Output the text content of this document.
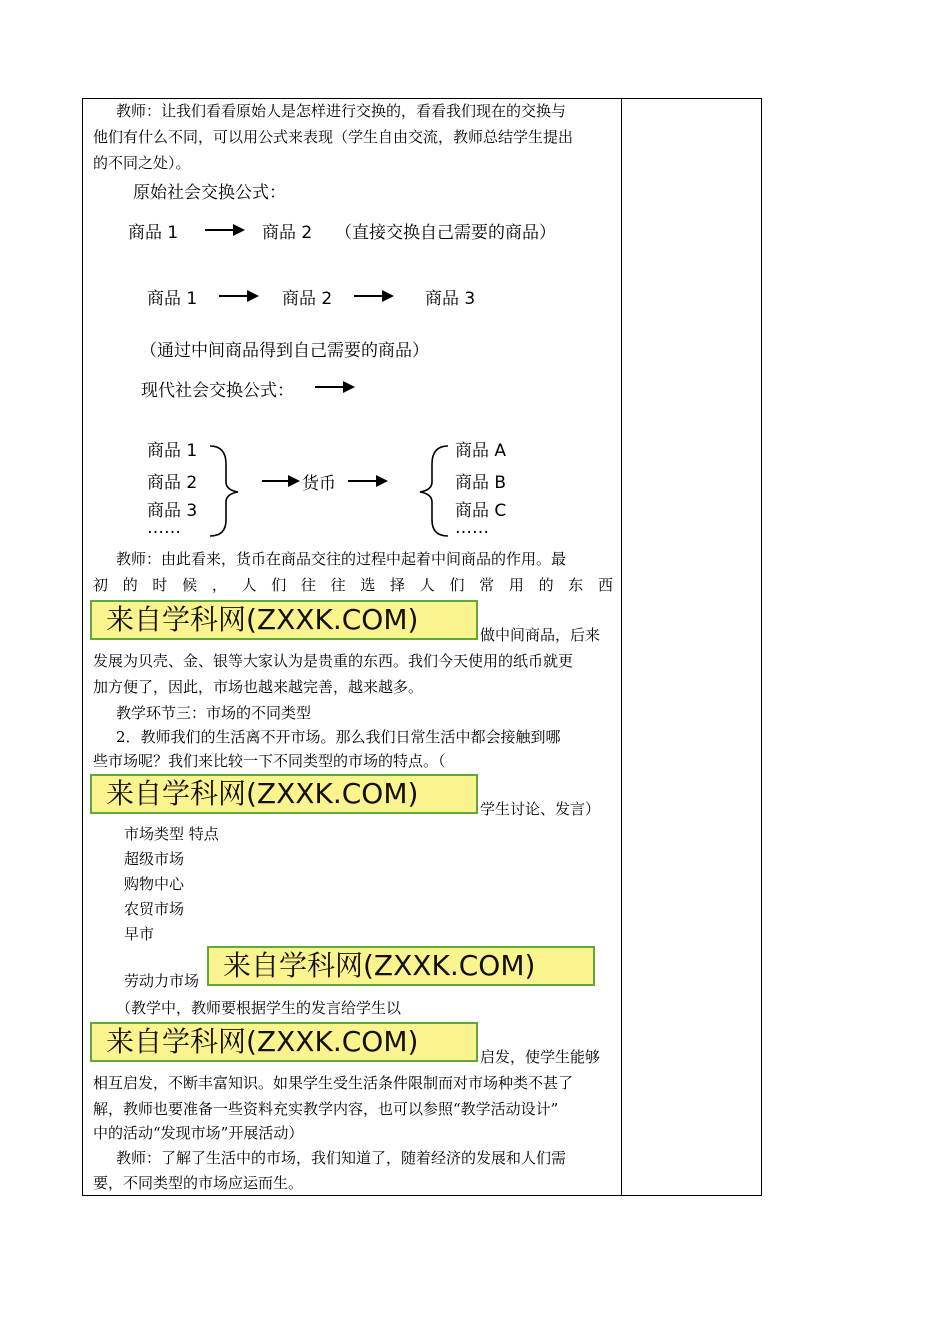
教师：让我们看看原始人是怎样进行交换的，看看我们现在的交换与
他们有什么不同，可以用公式来表现（学生自由交流，教师总结学生提出
的不同之处）。
原始社会交换公式：
商品 1	商品 2 （直接交换自己需要的商品）
商品 1	商品 2	商品 3
（通过中间商品得到自己需要的商品）
现代社会交换公式：
商品 1
商品 2
商品 3
……
货币
商品 A
商品 B
商品 C
……
教师：由此看来，货币在商品交往的过程中起着中间商品的作用。最
初的时候，人们往往选择人们常用的东西
来自学科网(ZXXK.COM)	做中间商品，后来
发展为贝壳、金、银等大家认为是贵重的东西。我们今天使用的纸币就更
加方便了，因此，市场也越来越完善，越来越多。
教学环节三：市场的不同类型
2．教师我们的生活离不开市场。那么我们日常生活中都会接触到哪
些市场呢？我们来比较一下不同类型的市场的特点。（
来自学科网(ZXXK.COM)	学生讨论、发言）
市场类型 特点
超级市场
购物中心
农贸市场
早市
来自学科网(ZXXK.COM)
劳动力市场
（教学中，教师要根据学生的发言给学生以
来自学科网(ZXXK.COM)	启发，使学生能够
相互启发，不断丰富知识。如果学生受生活条件限制而对市场种类不甚了
解，教师也要准备一些资料充实教学内容，也可以参照“教学活动设计”
中的活动“发现市场”开展活动）
教师：了解了生活中的市场，我们知道了，随着经济的发展和人们需
要，不同类型的市场应运而生。
